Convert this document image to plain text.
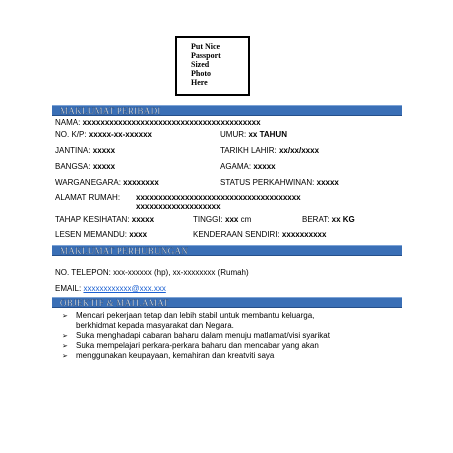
Put Nice
Passport
Sized
Photo
Here
MAKLUMAT PERIBADI
NAMA: xxxxxxxxxxxxxxxxxxxxxxxxxxxxxxxxxxxxxxxx
NO. K/P: xxxxx-xx-xxxxxx	UMUR: xx TAHUN
JANTINA: xxxxx	TARIKH LAHIR: xx/xx/xxxx
BANGSA: xxxxx	AGAMA: xxxxx
WARGANEGARA: xxxxxxxx	STATUS PERKAHWINAN: xxxxx
ALAMAT RUMAH: xxxxxxxxxxxxxxxxxxxxxxxxxxxxxxxxxxxxx
xxxxxxxxxxxxxxxxxxx
TAHAP KESIHATAN: xxxxx	TINGGI: xxx cm	BERAT: xx KG
LESEN MEMANDU: xxxx	KENDERAAN SENDIRI: xxxxxxxxxx
MAKLUMAT PERHUBUNGAN
NO. TELEPON: xxx-xxxxxx (hp), xx-xxxxxxxx (Rumah)
EMAIL: xxxxxxxxxxxx@xxx.xxx
OBJEKTIF & MATLAMAT
➢ Mencari pekerjaan tetap dan lebih stabil untuk membantu keluarga,
berkhidmat kepada masyarakat dan Negara.
➢ Suka menghadapi cabaran baharu dalam menuju matlamat/visi syarikat
➢ Suka mempelajari perkara-perkara baharu dan mencabar yang akan
➢ menggunakan keupayaan, kemahiran dan kreatviti saya
